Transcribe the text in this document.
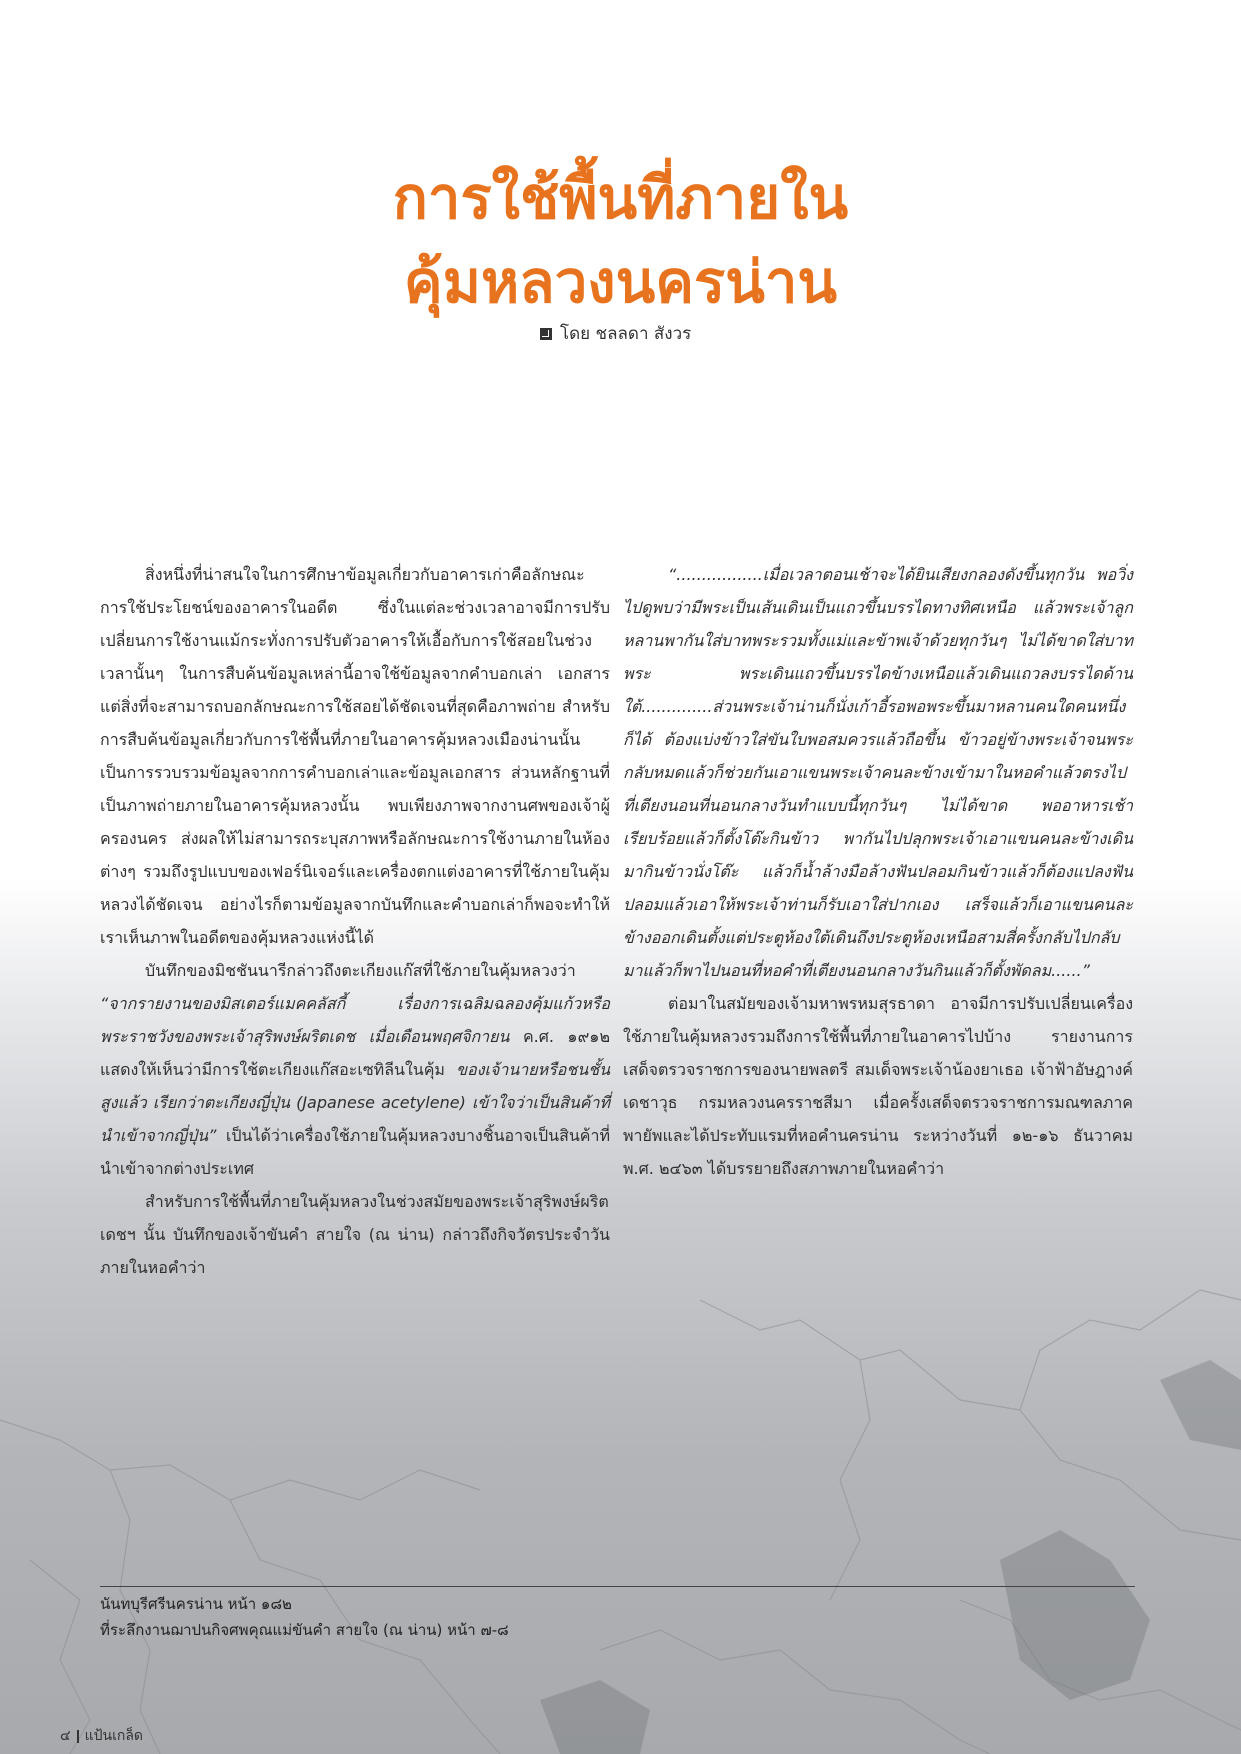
การใช้พื้นที่ภายใน
คุ้มหลวงนครน่าน
โดย ชลลดา สังวร

สิ่งหนึ่งที่น่าสนใจในการศึกษาข้อมูลเกี่ยวกับอาคารเก่าคือลักษณะการใช้ประโยชน์ของอาคารในอดีต ซึ่งในแต่ละช่วงเวลาอาจมีการปรับเปลี่ยนการใช้งานแม้กระทั่งการปรับตัวอาคารให้เอื้อกับการใช้สอยในช่วงเวลานั้นๆ ในการสืบค้นข้อมูลเหล่านี้อาจใช้ข้อมูลจากคำบอกเล่า เอกสาร แต่สิ่งที่จะสามารถบอกลักษณะการใช้สอยได้ชัดเจนที่สุดคือภาพถ่าย สำหรับการสืบค้นข้อมูลเกี่ยวกับการใช้พื้นที่ภายในอาคารคุ้มหลวงเมืองน่านนั้น เป็นการรวบรวมข้อมูลจากการคำบอกเล่าและข้อมูลเอกสาร ส่วนหลักฐานที่เป็นภาพถ่ายภายในอาคารคุ้มหลวงนั้น พบเพียงภาพจากงานศพของเจ้าผู้ครองนคร ส่งผลให้ไม่สามารถระบุสภาพหรือลักษณะการใช้งานภายในห้องต่างๆ รวมถึงรูปแบบของเฟอร์นิเจอร์และเครื่องตกแต่งอาคารที่ใช้ภายในคุ้มหลวงได้ชัดเจน อย่างไรก็ตามข้อมูลจากบันทึกและคำบอกเล่าก็พอจะทำให้เราเห็นภาพในอดีตของคุ้มหลวงแห่งนี้ได้

บันทึกของมิชชันนารีกล่าวถึงตะเกียงแก๊สที่ใช้ภายในคุ้มหลวงว่า “จากรายงานของมิสเตอร์แมคคลัสกี้ เรื่องการเฉลิมฉลองคุ้มแก้วหรือพระราชวังของพระเจ้าสุริพงษ์ผริตเดช เมื่อเดือนพฤศจิกายน ค.ศ. ๑๙๑๒ แสดงให้เห็นว่ามีการใช้ตะเกียงแก๊สอะเซทิลีนในคุ้ม ของเจ้านายหรือชนชั้นสูงแล้ว เรียกว่าตะเกียงญี่ปุ่น (Japanese acetylene) เข้าใจว่าเป็นสินค้าที่นำเข้าจากญี่ปุ่น” เป็นได้ว่าเครื่องใช้ภายในคุ้มหลวงบางชิ้นอาจเป็นสินค้าที่นำเข้าจากต่างประเทศ

สำหรับการใช้พื้นที่ภายในคุ้มหลวงในช่วงสมัยของพระเจ้าสุริพงษ์ผริตเดชฯ นั้น บันทึกของเจ้าขันคำ สายใจ (ณ น่าน) กล่าวถึงกิจวัตรประจำวันภายในหอคำว่า

“.................เมื่อเวลาตอนเช้าจะได้ยินเสียงกลองดังขึ้นทุกวัน พอวิ่งไปดูพบว่ามีพระเป็นเส้นเดินเป็นแถวขึ้นบรรไดทางทิศเหนือ แล้วพระเจ้าลูกหลานพากันใส่บาทพระรวมทั้งแม่และข้าพเจ้าด้วยทุกวันๆ ไม่ได้ขาดใส่บาทพระ พระเดินแถวขึ้นบรรไดข้างเหนือแล้วเดินแถวลงบรรไดด้านใต้..............ส่วนพระเจ้าน่านก็นั่งเก้าอี้รอพอพระขึ้นมาหลานคนใดคนหนึ่งก็ได้ ต้องแบ่งข้าวใส่ขันใบพอสมควรแล้วถือขึ้น ข้าวอยู่ข้างพระเจ้าจนพระกลับหมดแล้วก็ช่วยกันเอาแขนพระเจ้าคนละข้างเข้ามาในหอคำแล้วตรงไปที่เตียงนอนที่นอนกลางวันทำแบบนี้ทุกวันๆ ไม่ได้ขาด พออาหารเช้าเรียบร้อยแล้วก็ตั้งโต๊ะกินข้าว พากันไปปลุกพระเจ้าเอาแขนคนละข้างเดินมากินข้าวนั่งโต๊ะ แล้วก็น้ำล้างมือล้างฟันปลอมกินข้าวแล้วก็ต้องแปลงฟันปลอมแล้วเอาให้พระเจ้าท่านก็รับเอาใส่ปากเอง เสร็จแล้วก็เอาแขนคนละข้างออกเดินตั้งแต่ประตูห้องใต้เดินถึงประตูห้องเหนือสามสี่ครั้งกลับไปกลับมาแล้วก็พาไปนอนที่หอคำที่เตียงนอนกลางวันกินแล้วก็ตั้งพัดลม......”

ต่อมาในสมัยของเจ้ามหาพรหมสุรธาดา อาจมีการปรับเปลี่ยนเครื่องใช้ภายในคุ้มหลวงรวมถึงการใช้พื้นที่ภายในอาคารไปบ้าง รายงานการเสด็จตรวจราชการของนายพลตรี สมเด็จพระเจ้าน้องยาเธอ เจ้าฟ้าอัษฎางค์เดชาวุธ กรมหลวงนครราชสีมา เมื่อครั้งเสด็จตรวจราชการมณฑลภาคพายัพและได้ประทับแรมที่หอคำนครน่าน ระหว่างวันที่ ๑๒-๑๖ ธันวาคม พ.ศ. ๒๔๖๓ ได้บรรยายถึงสภาพภายในหอคำว่า

นันทบุรีศรีนครน่าน หน้า ๑๘๒
ที่ระลึกงานฌาปนกิจศพคุณแม่ขันคำ สายใจ (ณ น่าน) หน้า ๗-๘
๔ แป้นเกล็ด
